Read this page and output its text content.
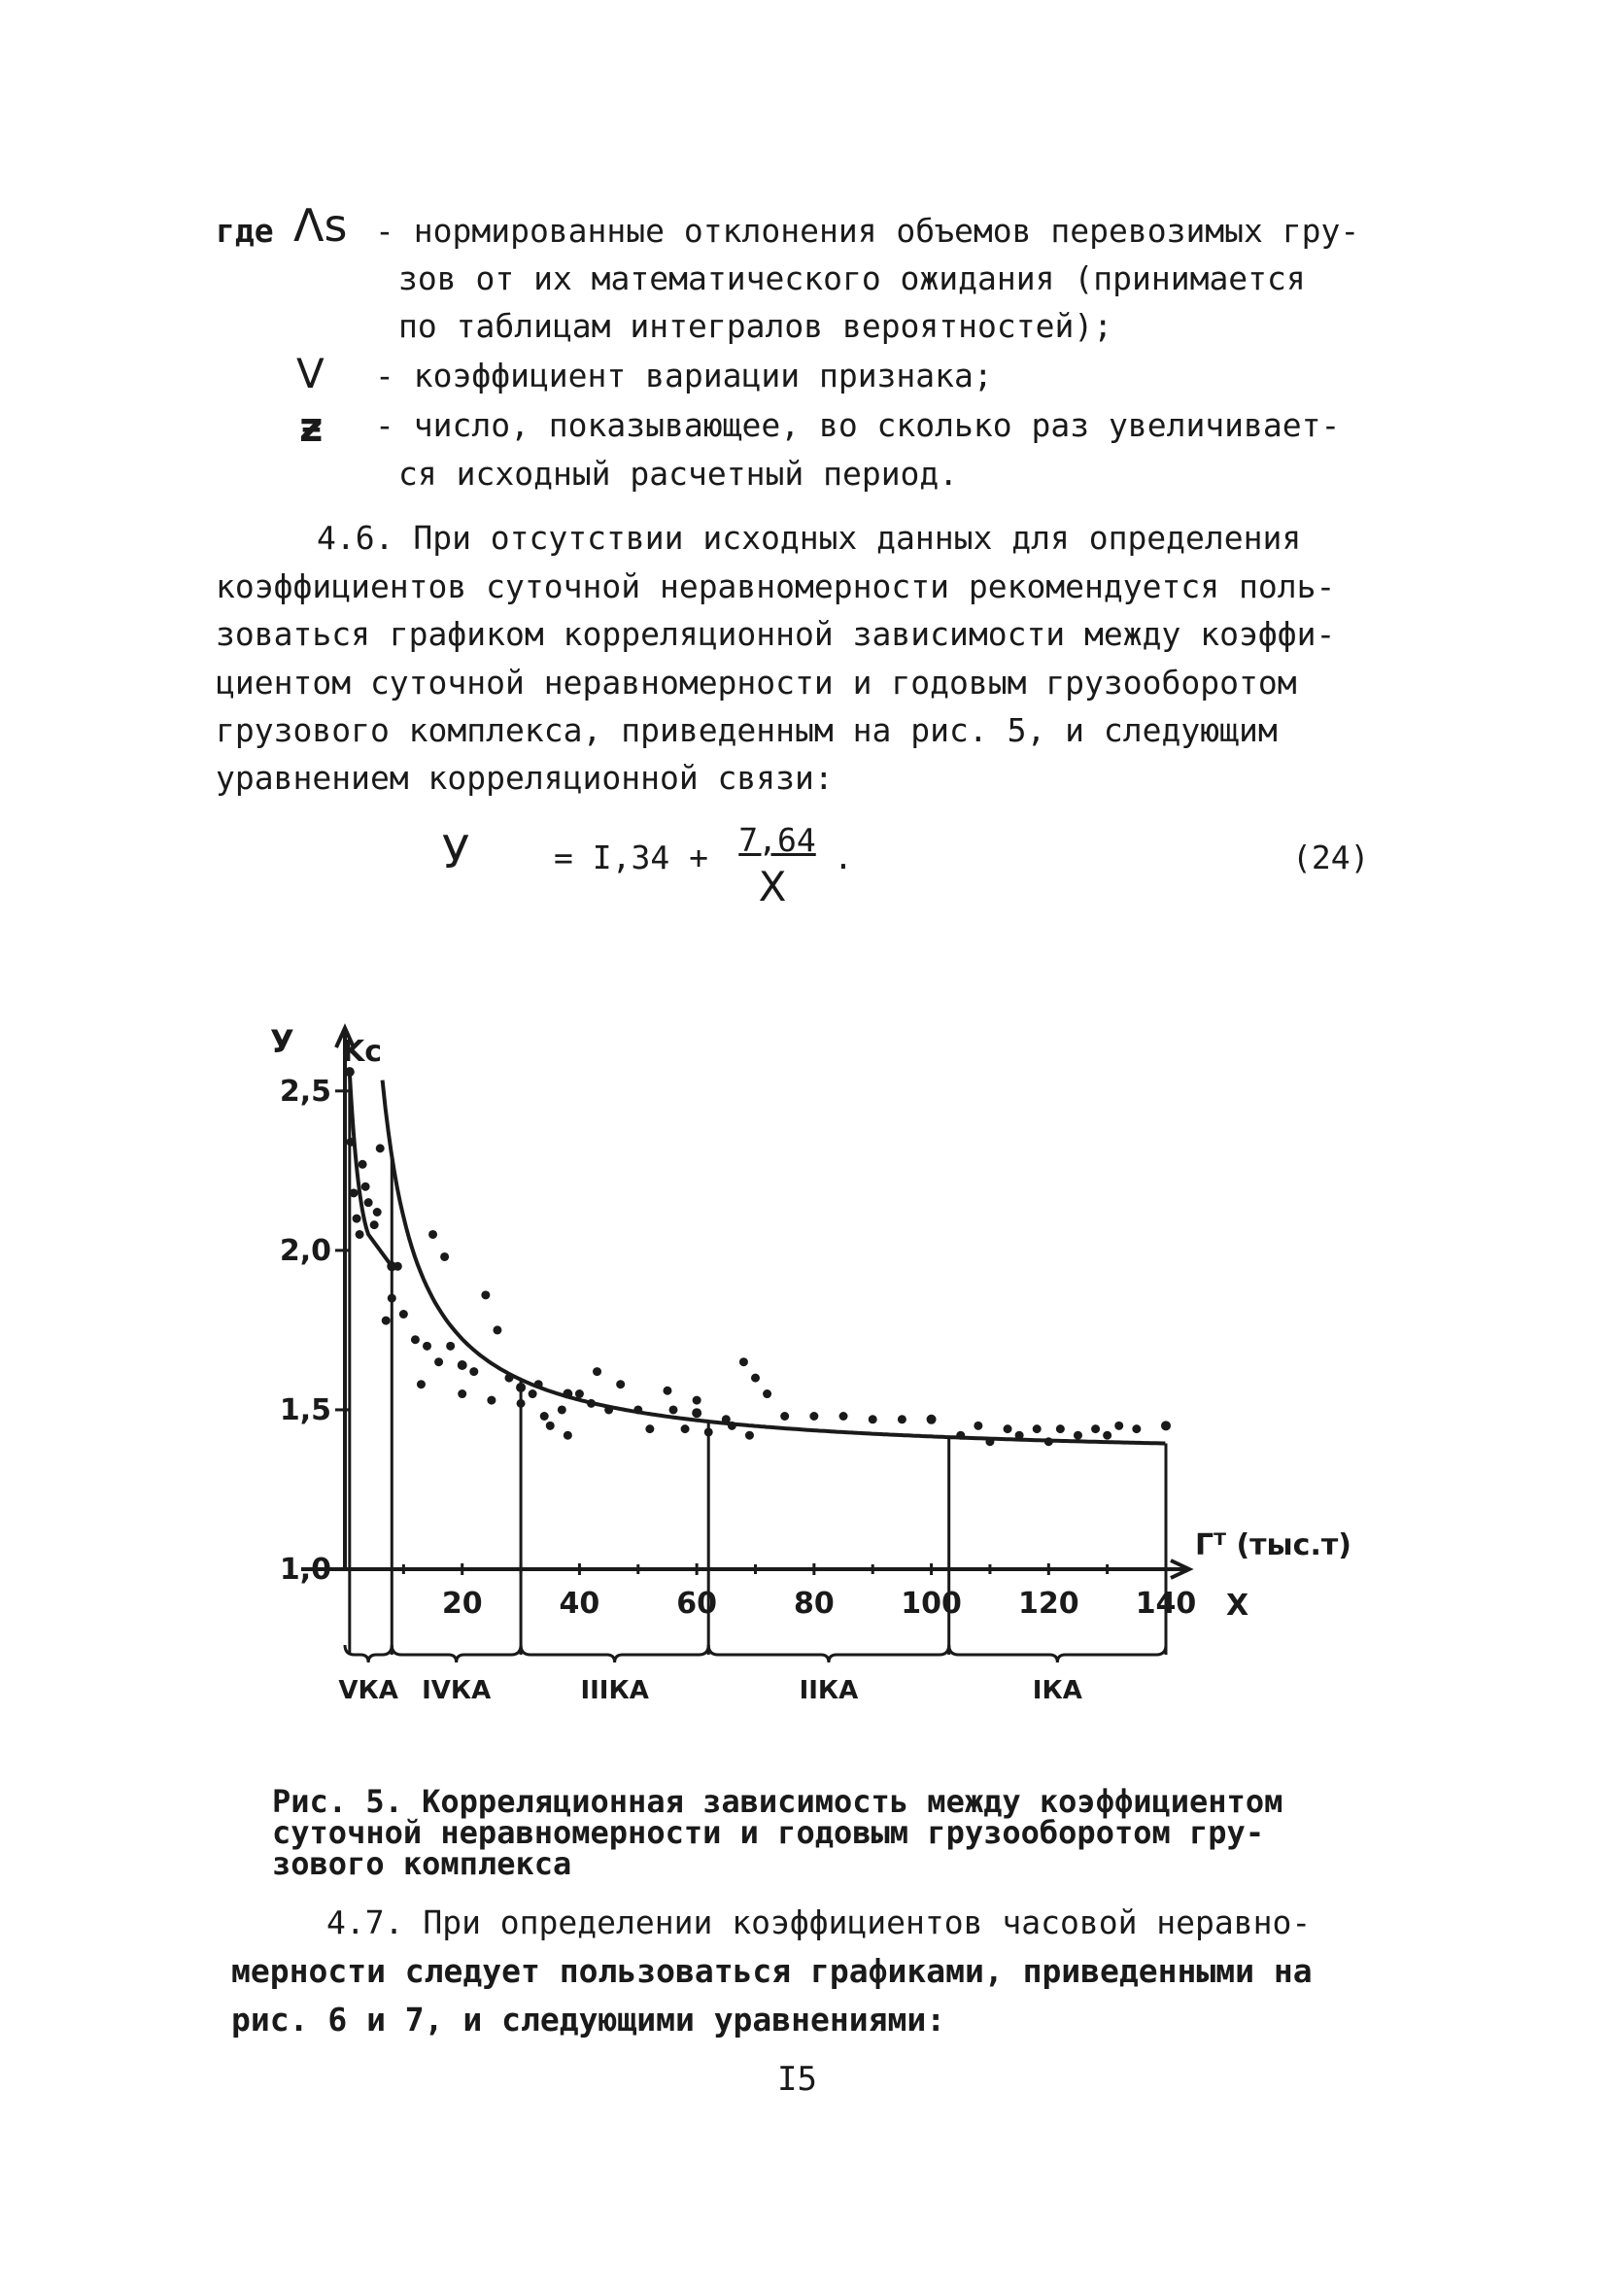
где Λs - нормированные отклонения объемов перевозимых гру-
зов от их математического ожидания (принимается
по таблицам интегралов вероятностей);
V - коэффициент вариации признака;
ƶ - число, показывающее, во сколько раз увеличивает-
ся исходный расчетный период.
4.6. При отсутствии исходных данных для определения
коэффициентов суточной неравномерности рекомендуется поль-
зоваться графиком корреляционной зависимости между коэффи-
циентом суточной неравномерности и годовым грузооборотом
грузового комплекса, приведенным на рис. 5, и следующим
уравнением корреляционной связи:
У	= I,34 + 7,64
X
.	(24)
20	40	60	80 100 120 140
1,0
1,5
2,0
2,5
VКА IVКА	IIIКА	IIКА	IКА
У Kc
Гᵀ (тыс.т)
X
Рис. 5. Корреляционная зависимость между коэффициентом
суточной неравномерности и годовым грузооборотом гру-
зового комплекса
4.7. При определении коэффициентов часовой неравно-
мерности следует пользоваться графиками, приведенными на
рис. 6 и 7, и следующими уравнениями:
I5
